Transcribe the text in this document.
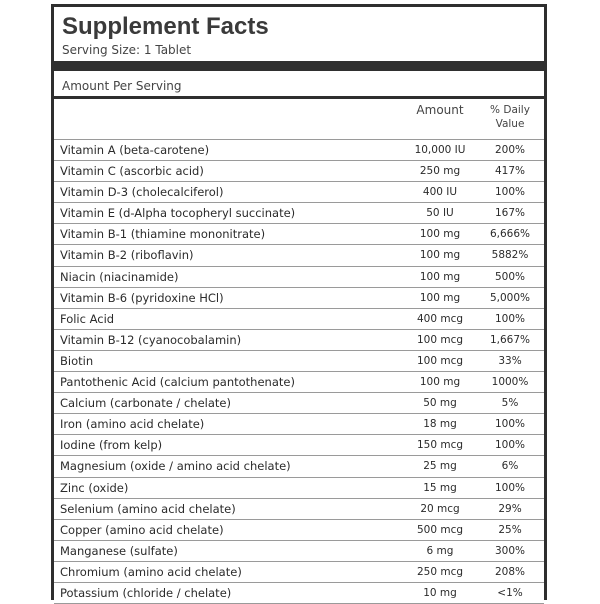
Supplement Facts
Serving Size: 1 Tablet
Amount Per Serving
Amount	% Daily
Value
Vitamin A (beta-carotene)	10,000 IU	200%
Vitamin C (ascorbic acid)	250 mg	417%
Vitamin D-3 (cholecalciferol)	400 IU	100%
Vitamin E (d-Alpha tocopheryl succinate)	50 IU	167%
Vitamin B-1 (thiamine mononitrate)	100 mg	6,666%
Vitamin B-2 (riboflavin)	100 mg	5882%
Niacin (niacinamide)	100 mg	500%
Vitamin B-6 (pyridoxine HCl)	100 mg	5,000%
Folic Acid	400 mcg	100%
Vitamin B-12 (cyanocobalamin)	100 mcg	1,667%
Biotin	100 mcg	33%
Pantothenic Acid (calcium pantothenate)	100 mg	1000%
Calcium (carbonate / chelate)	50 mg	5%
Iron (amino acid chelate)	18 mg	100%
Iodine (from kelp)	150 mcg	100%
Magnesium (oxide / amino acid chelate)	25 mg	6%
Zinc (oxide)	15 mg	100%
Selenium (amino acid chelate)	20 mcg	29%
Copper (amino acid chelate)	500 mcg	25%
Manganese (sulfate)	6 mg	300%
Chromium (amino acid chelate)	250 mcg	208%
Potassium (chloride / chelate)	10 mg	<1%
